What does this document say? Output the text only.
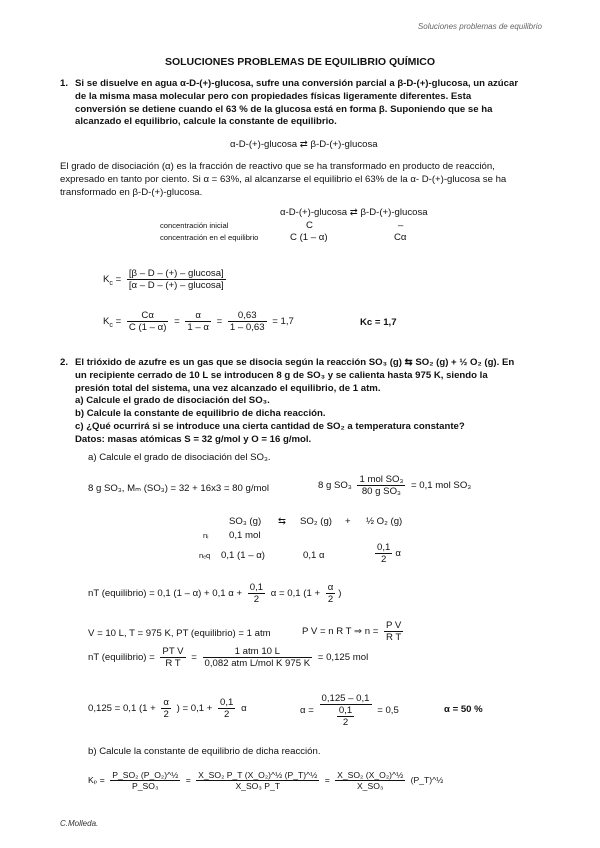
Soluciones problemas de equilibrio
SOLUCIONES PROBLEMAS DE EQUILIBRIO QUÍMICO
1. Si se disuelve en agua α-D-(+)-glucosa, sufre una conversión parcial a β-D-(+)-glucosa, un azúcar
de la misma masa molecular pero con propiedades físicas ligeramente diferentes. Esta
conversión se detiene cuando el 63 % de la glucosa está en forma β. Suponiendo que se ha
alcanzado el equilibrio, calcule la constante de equilibrio.
α-D-(+)-glucosa ⇄ β-D-(+)-glucosa
El grado de disociación (α) es la fracción de reactivo que se ha transformado en producto de reacción,
expresado en tanto por ciento. Si α = 63%, al alcanzarse el equilibrio el 63% de la α- D-(+)-glucosa se ha
transformado en β-D-(+)-glucosa.
α-D-(+)-glucosa ⇄ β-D-(+)-glucosa
concentración inicial	C	–
concentración en el equilibrio	C (1 – α)	Cα
$K_c = \frac{\text{[β – D – (+) – glucosa]}}{\text{[α – D – (+) – glucosa]}}$
$K_c = \frac{C\alpha}{C (1 - \alpha)} = \frac{\alpha}{1 - \alpha} = \frac{0,63}{1 - 0,63} = 1,7$	Kc = 1,7
2. El trióxido de azufre es un gas que se disocia según la reacción SO₃ (g) ⇆ SO₂ (g) + ½ O₂ (g). En
un recipiente cerrado de 10 L se introducen 8 g de SO₃ y se calienta hasta 975 K, siendo la
presión total del sistema, una vez alcanzado el equilibrio, de 1 atm.
a) Calcule el grado de disociación del SO₃.
b) Calcule la constante de equilibrio de dicha reacción.
c) ¿Qué ocurrirá si se introduce una cierta cantidad de SO₂ a temperatura constante?
Datos: masas atómicas S = 32 g/mol y O = 16 g/mol.
a) Calcule el grado de disociación del SO₃.
8 g SO₃, Mₘ (SO₃) = 32 + 16x3 = 80 g/mol	8 g $SO_3 \frac{\text{1 mol SO₃}}{\text{80 g SO₃}} = 0,1$ mol SO₃
SO₃ (g) ⇆ SO₂ (g) + ½ O₂ (g)
nᵢ 0,1 mol
nₑq 0,1 (1 – α)	0,1 α	$\frac{0,1}{2}$ α
nT (equilibrio) = 0,1 (1 – α) + 0,1 $\alpha + \frac{0,1}{2}$ α = 0,1 ($1 + \frac{\alpha}{2}$ )
V = 10 L, T = 975 K, PT (equilibrio) = 1 atm	P V = n R T ⇒ $n = \frac{\text{P V}}{\text{R T}}$
nT (equilibrio) = $\frac{\text{PT V}}{\text{R T}} = \frac{\text{1 atm 10 L}}{\text{0,082 atm L/mol K 975 K}} = 0,125$ mol
0,125 = 0,1 ($1 + \frac{\alpha}{2}$ ) = $0,1 + \frac{0,1}{2}$ α	$\alpha = \frac{0,125 - 0,1}{\frac{0,1}{2}} = 0,5$	α = 50 %
b) Calcule la constante de equilibrio de dicha reacción.
$K_p = \frac{\text{P\_SO₂ (P\_O₂)\textasciicircum{}½}}{\text{P\_SO₃}} = \frac{\text{X\_SO₂ P\_T (X\_O₂)\textasciicircum{}½ (P\_T)\textasciicircum{}½}}{\text{X\_SO₃ P\_T}} = \frac{\text{X\_SO₂ (X\_O₂)\textasciicircum{}½}}{\text{X\_SO₃}}$ (P_T)^½
C.Molleda.
